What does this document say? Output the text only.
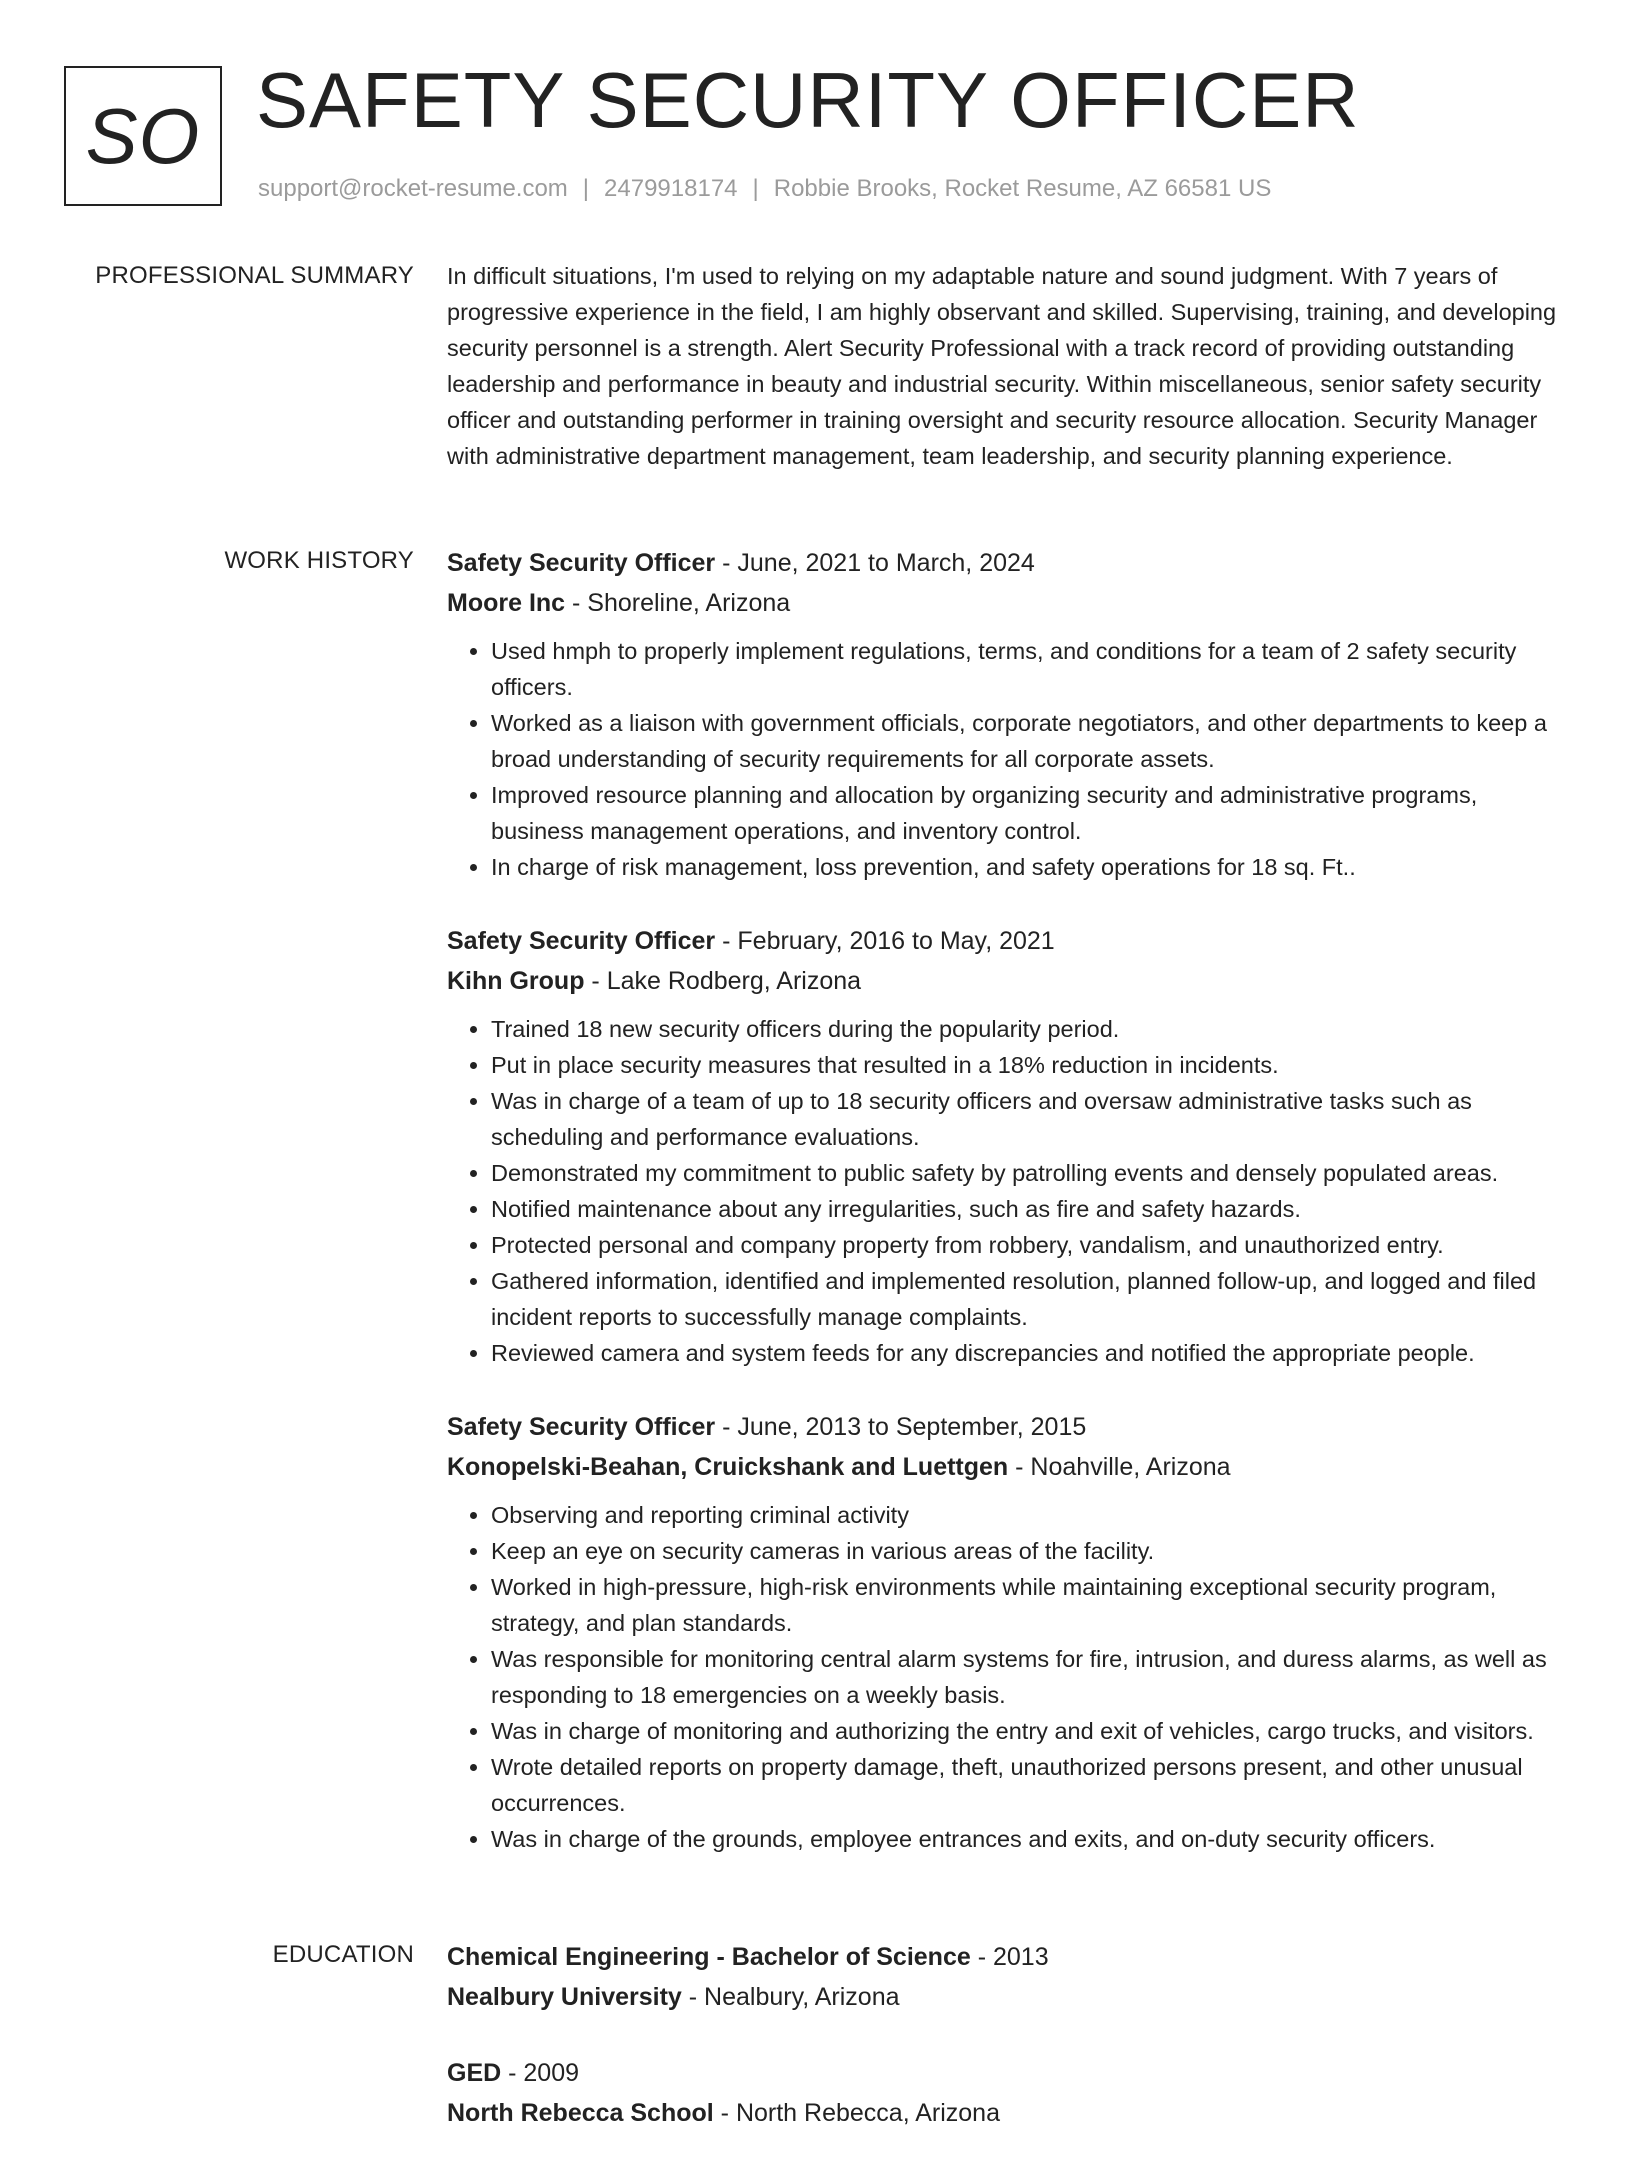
SO SAFETY SECURITY OFFICER
support@rocket-resume.com | 2479918174 | Robbie Brooks, Rocket Resume, AZ 66581 US
PROFESSIONAL SUMMARY In difficult situations, I'm used to relying on my adaptable nature and sound judgment. With 7 years of progressive experience in the field, I am highly observant and skilled. Supervising, training, and developing security personnel is a strength. Alert Security Professional with a track record of providing outstanding leadership and performance in beauty and industrial security. Within miscellaneous, senior safety security officer and outstanding performer in training oversight and security resource allocation. Security Manager with administrative department management, team leadership, and security planning experience.

WORK HISTORY Safety Security Officer - June, 2021 to March, 2024
Moore Inc - Shoreline, Arizona
• Used hmph to properly implement regulations, terms, and conditions for a team of 2 safety security officers.
• Worked as a liaison with government officials, corporate negotiators, and other departments to keep a broad understanding of security requirements for all corporate assets.
• Improved resource planning and allocation by organizing security and administrative programs, business management operations, and inventory control.
• In charge of risk management, loss prevention, and safety operations for 18 sq. Ft..
Safety Security Officer - February, 2016 to May, 2021
Kihn Group - Lake Rodberg, Arizona
• Trained 18 new security officers during the popularity period.
• Put in place security measures that resulted in a 18% reduction in incidents.
• Was in charge of a team of up to 18 security officers and oversaw administrative tasks such as scheduling and performance evaluations.
• Demonstrated my commitment to public safety by patrolling events and densely populated areas.
• Notified maintenance about any irregularities, such as fire and safety hazards.
• Protected personal and company property from robbery, vandalism, and unauthorized entry.
• Gathered information, identified and implemented resolution, planned follow-up, and logged and filed incident reports to successfully manage complaints.
• Reviewed camera and system feeds for any discrepancies and notified the appropriate people.
Safety Security Officer - June, 2013 to September, 2015
Konopelski-Beahan, Cruickshank and Luettgen - Noahville, Arizona
• Observing and reporting criminal activity
• Keep an eye on security cameras in various areas of the facility.
• Worked in high-pressure, high-risk environments while maintaining exceptional security program, strategy, and plan standards.
• Was responsible for monitoring central alarm systems for fire, intrusion, and duress alarms, as well as responding to 18 emergencies on a weekly basis.
• Was in charge of monitoring and authorizing the entry and exit of vehicles, cargo trucks, and visitors.
• Wrote detailed reports on property damage, theft, unauthorized persons present, and other unusual occurrences.
• Was in charge of the grounds, employee entrances and exits, and on-duty security officers.
EDUCATION Chemical Engineering - Bachelor of Science - 2013
Nealbury University - Nealbury, Arizona
GED - 2009
North Rebecca School - North Rebecca, Arizona
